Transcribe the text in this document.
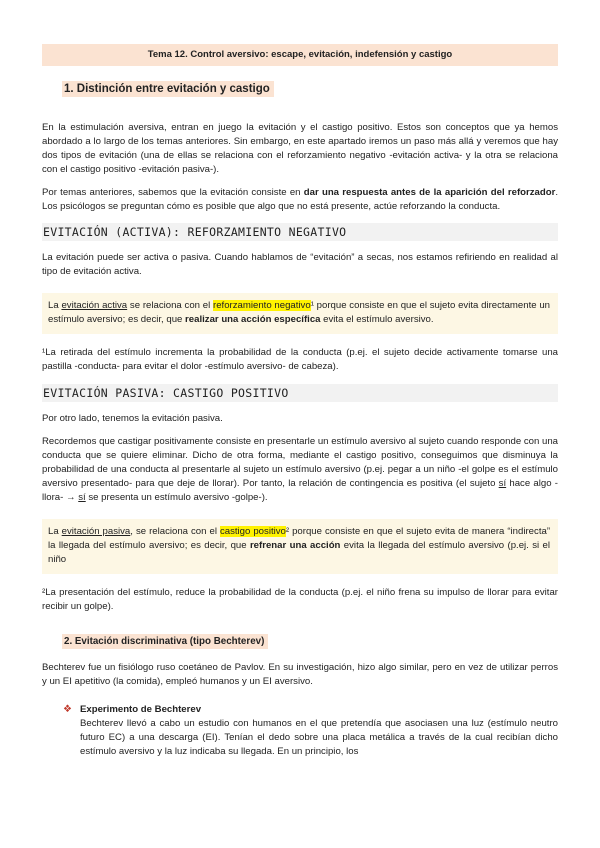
Tema 12. Control aversivo: escape, evitación, indefensión y castigo
1. Distinción entre evitación y castigo

En la estimulación aversiva, entran en juego la evitación y el castigo positivo. Estos son conceptos que ya hemos abordado a lo largo de los temas anteriores. Sin embargo, en este apartado iremos un paso más allá y veremos que hay dos tipos de evitación (una de ellas se relaciona con el reforzamiento negativo -evitación activa- y la otra se relaciona con el castigo positivo -evitación pasiva-).

Por temas anteriores, sabemos que la evitación consiste en dar una respuesta antes de la aparición del reforzador. Los psicólogos se preguntan cómo es posible que algo que no está presente, actúe reforzando la conducta.

EVITACIÓN (ACTIVA): REFORZAMIENTO NEGATIVO

La evitación puede ser activa o pasiva. Cuando hablamos de “evitación” a secas, nos estamos refiriendo en realidad al tipo de evitación activa.

La evitación activa se relaciona con el reforzamiento negativo¹ porque consiste en que el sujeto evita directamente un estímulo aversivo; es decir, que realizar una acción específica evita el estímulo aversivo.

¹La retirada del estímulo incrementa la probabilidad de la conducta (p.ej. el sujeto decide activamente tomarse una pastilla -conducta- para evitar el dolor -estímulo aversivo- de cabeza).

EVITACIÓN PASIVA: CASTIGO POSITIVO

Por otro lado, tenemos la evitación pasiva.

Recordemos que castigar positivamente consiste en presentarle un estímulo aversivo al sujeto cuando responde con una conducta que se quiere eliminar. Dicho de otra forma, mediante el castigo positivo, conseguimos que disminuya la probabilidad de una conducta al presentarle al sujeto un estímulo aversivo (p.ej. pegar a un niño -el golpe es el estímulo aversivo presentado- para que deje de llorar). Por tanto, la relación de contingencia es positiva (el sujeto sí hace algo -llora- → sí se presenta un estímulo aversivo -golpe-).

La evitación pasiva, se relaciona con el castigo positivo² porque consiste en que el sujeto evita de manera “indirecta” la llegada del estímulo aversivo; es decir, que refrenar una acción evita la llegada del estímulo aversivo (p.ej. si el niño

²La presentación del estímulo, reduce la probabilidad de la conducta (p.ej. el niño frena su impulso de llorar para evitar recibir un golpe).

2. Evitación discriminativa (tipo Bechterev)

Bechterev fue un fisiólogo ruso coetáneo de Pavlov. En su investigación, hizo algo similar, pero en vez de utilizar perros y un EI apetitivo (la comida), empleó humanos y un EI aversivo.

❖ Experimento de Bechterev

Bechterev llevó a cabo un estudio con humanos en el que pretendía que asociasen una luz (estímulo neutro futuro EC) a una descarga (EI). Tenían el dedo sobre una placa metálica a través de la cual recibían dicho estímulo aversivo y la luz indicaba su llegada. En un principio, los
